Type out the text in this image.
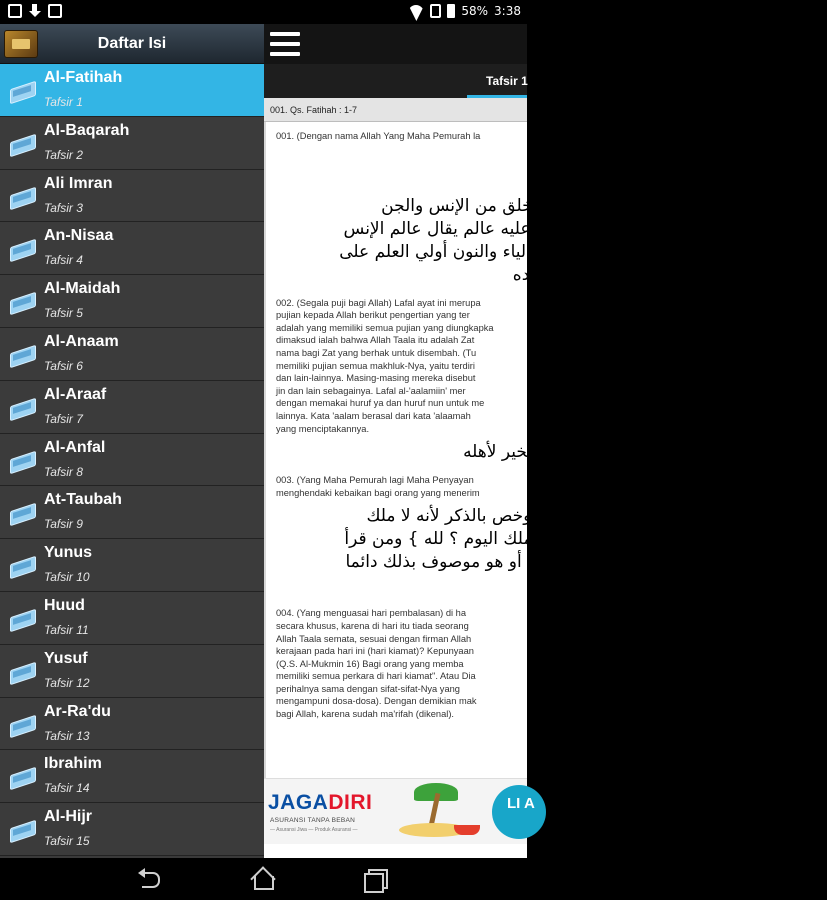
58% 3:38
Daftar Isi
Al-Fatihah
Tafsir 1
Al-Baqarah
Tafsir 2
Ali Imran
Tafsir 3
An-Nisaa
Tafsir 4
Al-Maidah
Tafsir 5
Al-Anaam
Tafsir 6
Al-Araaf
Tafsir 7
Al-Anfal
Tafsir 8
At-Taubah
Tafsir 9
Yunus
Tafsir 10
Huud
Tafsir 11
Yusuf
Tafsir 12
Ar-Ra'du
Tafsir 13
Ibrahim
Tafsir 14
Al-Hijr
Tafsir 15
Tafsir 1
001. Qs. Fatihah : 1-7
001. (Dengan nama Allah Yang Maha Pemurah la
أي الثناء على الله بمضمونها على أنه تعالى
المستحق لأن يحمدوه والله علم على
المعبود بحق رب العالمين أي مالك جميع الخلق من الإنس والجن
والملائكة والدواب وغيرهم وكل منها يطلق عليه عالم يقال عالم الإنس
وعالم الجن إلى غير ذلك وغلب في جمعه بالياء والنون أولي العلم على
غيرهم وهو من العلامة لأنه علامة على موجده
002. (Segala puji bagi Allah) Lafal ayat ini merupa
pujian kepada Allah berikut pengertian yang ter
adalah yang memiliki semua pujian yang diungkapka
dimaksud ialah bahwa Allah Taala itu adalah Zat
nama bagi Zat yang berhak untuk disembah. (Tu
memiliki pujian semua makhluk-Nya, yaitu terdiri
dan lain-lainnya. Masing-masing mereka disebut
jin dan lain sebagainya. Lafal al-'aalamiin' mer
dengan memakai huruf ya dan huruf nun untuk me
lainnya. Kata 'aalam berasal dari kata 'alaamah
yang menciptakannya.
الرحمن الرحيم أي ذي الرحمة وهي إرادة الخير لأهله
003. (Yang Maha Pemurah lagi Maha Penyayan
menghendaki kebaikan bagi orang yang menerim
مالك يوم الدين أي الجزاء وهو يوم القيامة وخص بالذكر لأنه لا ملك
ظاهراً فيه لأحد إلا لله تعالى بدليل {لمن الملك اليوم ؟ لله } ومن قرأ
مالك فمعناه مالك الأمر كله في يوم القيامة أو هو موصوف بذلك دائما
كغافر الذنب فصح وقوعه صفة لمعرفة
004. (Yang menguasai hari pembalasan) di ha
secara khusus, karena di hari itu tiada seorang
Allah Taala semata, sesuai dengan firman Allah
kerajaan pada hari ini (hari kiamat)? Kepunyaan
(Q.S. Al-Mukmin 16) Bagi orang yang memba
memiliki semua perkara di hari kiamat". Atau Dia
perihalnya sama dengan sifat-sifat-Nya yang
mengampuni dosa-dosa). Dengan demikian mak
bagi Allah, karena sudah ma'rifah (dikenal).
إياك نعبد وإياك نستعين أي نخصك بالعبادة
JAGADIRI
ASURANSI TANPA BEBAN
— Asuransi Jiwa — Produk Asuransi —
LI A
